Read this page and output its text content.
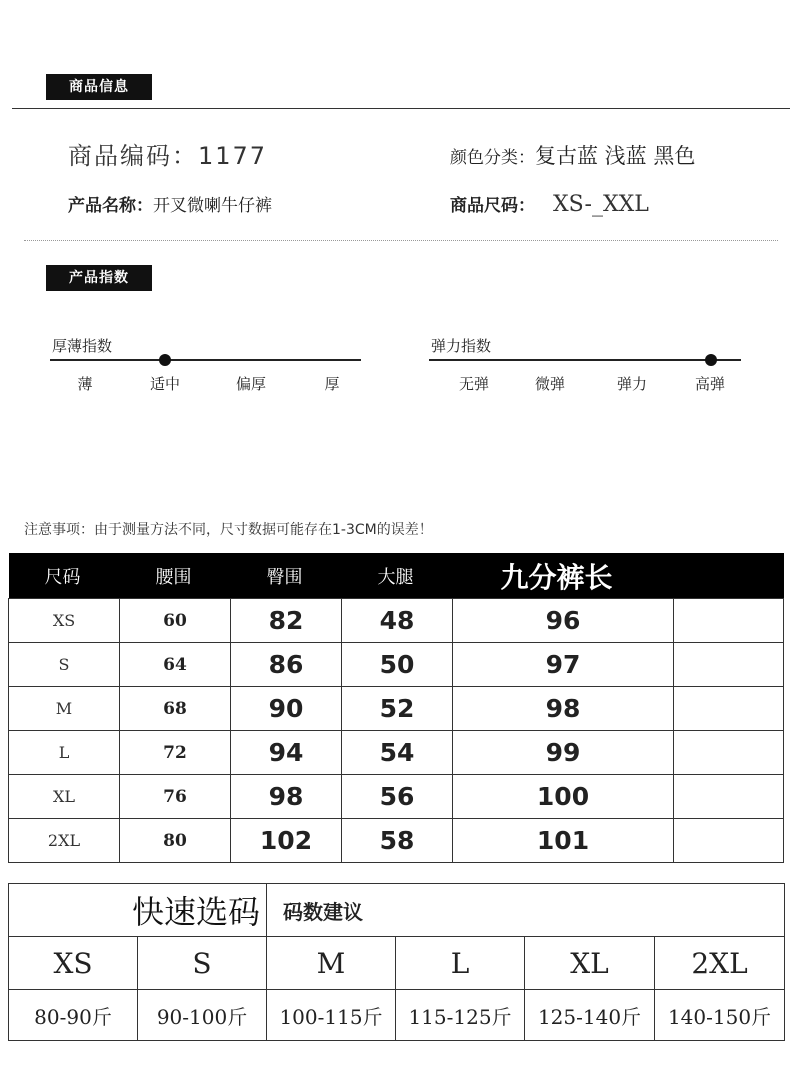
商品信息
商品编码：1177	颜色分类：复古蓝 浅蓝 黑色
产品名称：开叉微喇牛仔裤	商品尺码： XS-_XXL
产品指数
厚薄指数
薄	适中	偏厚	厚
弹力指数
无弹	微弹	弹力	高弹
注意事项：由于测量方法不同，尺寸数据可能存在1-3CM的误差！
尺码	腰围	臀围	大腿	九分裤长	
XS	60	82	48	96	
S	64	86	50	97	
M	68	90	52	98	
L	72	94	54	99	
XL	76	98	56	100	
2XL	80	102	58	101	
快速选码		码数建议			
XS	S	M	L	XL	2XL
80-90斤	90-100斤	100-115斤	115-125斤	125-140斤	140-150斤
